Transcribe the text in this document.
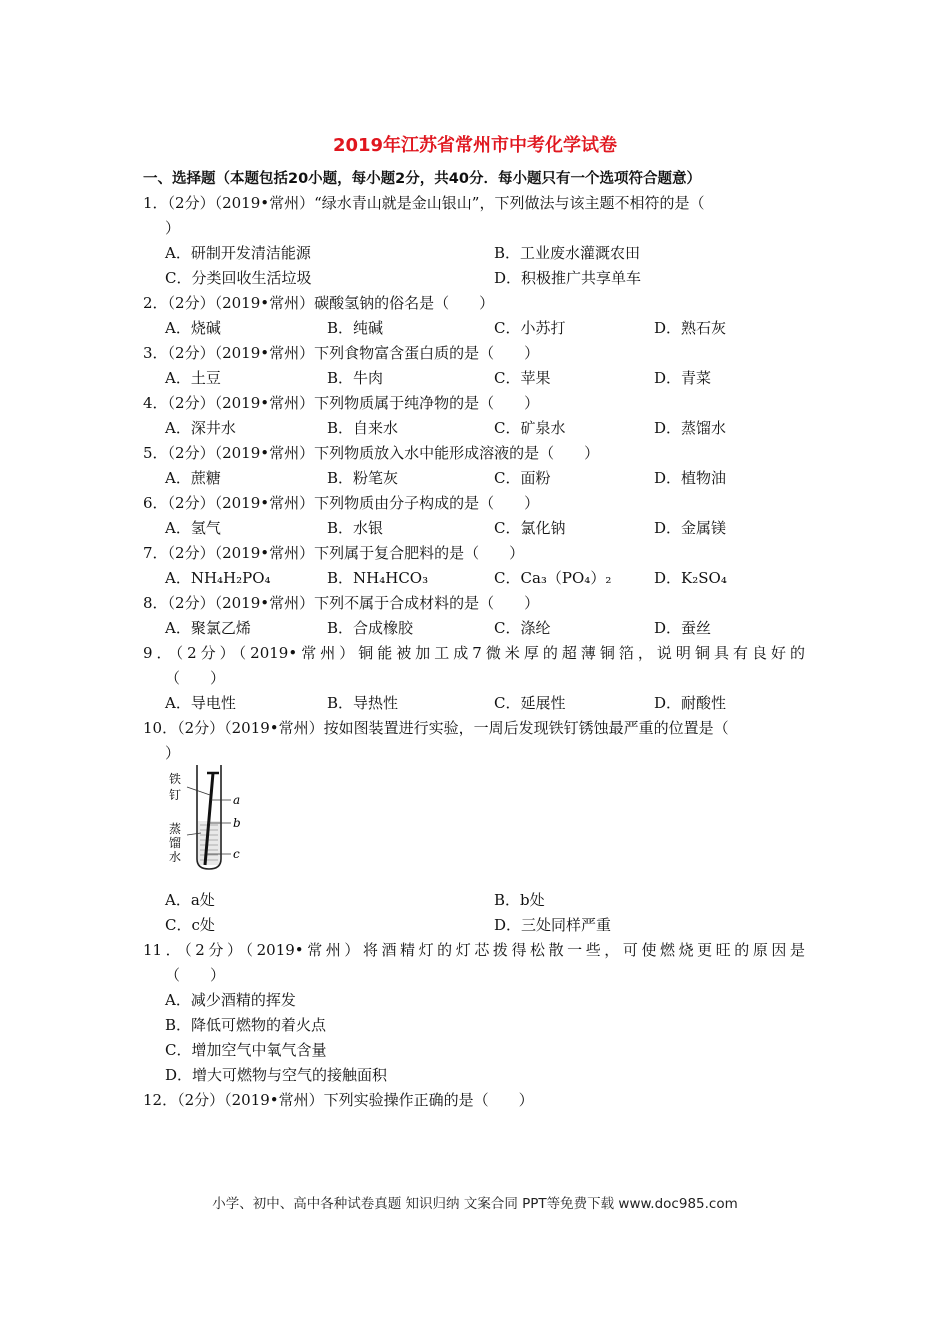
2019年江苏省常州市中考化学试卷
一、选择题（本题包括20小题，每小题2分，共40分．每小题只有一个选项符合题意）
1．（2分）（2019•常州）“绿水青山就是金山银山”，下列做法与该主题不相符的是（
）
A．研制开发清洁能源	B．工业废水灌溉农田
C．分类回收生活垃圾	D．积极推广共享单车
2．（2分）（2019•常州）碳酸氢钠的俗名是（　　）
A．烧碱	B．纯碱	C．小苏打	D．熟石灰
3．（2分）（2019•常州）下列食物富含蛋白质的是（　　）
A．土豆	B．牛肉	C．苹果	D．青菜
4．（2分）（2019•常州）下列物质属于纯净物的是（　　）
A．深井水	B．自来水	C．矿泉水	D．蒸馏水
5．（2分）（2019•常州）下列物质放入水中能形成溶液的是（　　）
A．蔗糖	B．粉笔灰	C．面粉	D．植物油
6．（2分）（2019•常州）下列物质由分子构成的是（　　）
A．氢气	B．水银	C．氯化钠	D．金属镁
7．（2分）（2019•常州）下列属于复合肥料的是（　　）
A．NH₄H₂PO₄	B．NH₄HCO₃	C．Ca₃（PO₄）₂	D．K₂SO₄
8．（2分）（2019•常州）下列不属于合成材料的是（　　）
A．聚氯乙烯	B．合成橡胶	C．涤纶	D．蚕丝
9．（2分）（2019•常州）铜能被加工成7微米厚的超薄铜箔，说明铜具有良好的
（　　）
A．导电性	B．导热性	C．延展性	D．耐酸性
10．（2分）（2019•常州）按如图装置进行实验，一周后发现铁钉锈蚀最严重的位置是（
）
铁
钉
蒸
馏
水
a
b
c
A．a处	B．b处
C．c处	D．三处同样严重
11．（2分）（2019•常州）将酒精灯的灯芯拨得松散一些，可使燃烧更旺的原因是
（　　）
A．减少酒精的挥发
B．降低可燃物的着火点
C．增加空气中氧气含量
D．增大可燃物与空气的接触面积
12．（2分）（2019•常州）下列实验操作正确的是（　　）
小学、初中、高中各种试卷真题 知识归纳 文案合同 PPT等免费下载 www.doc985.com
